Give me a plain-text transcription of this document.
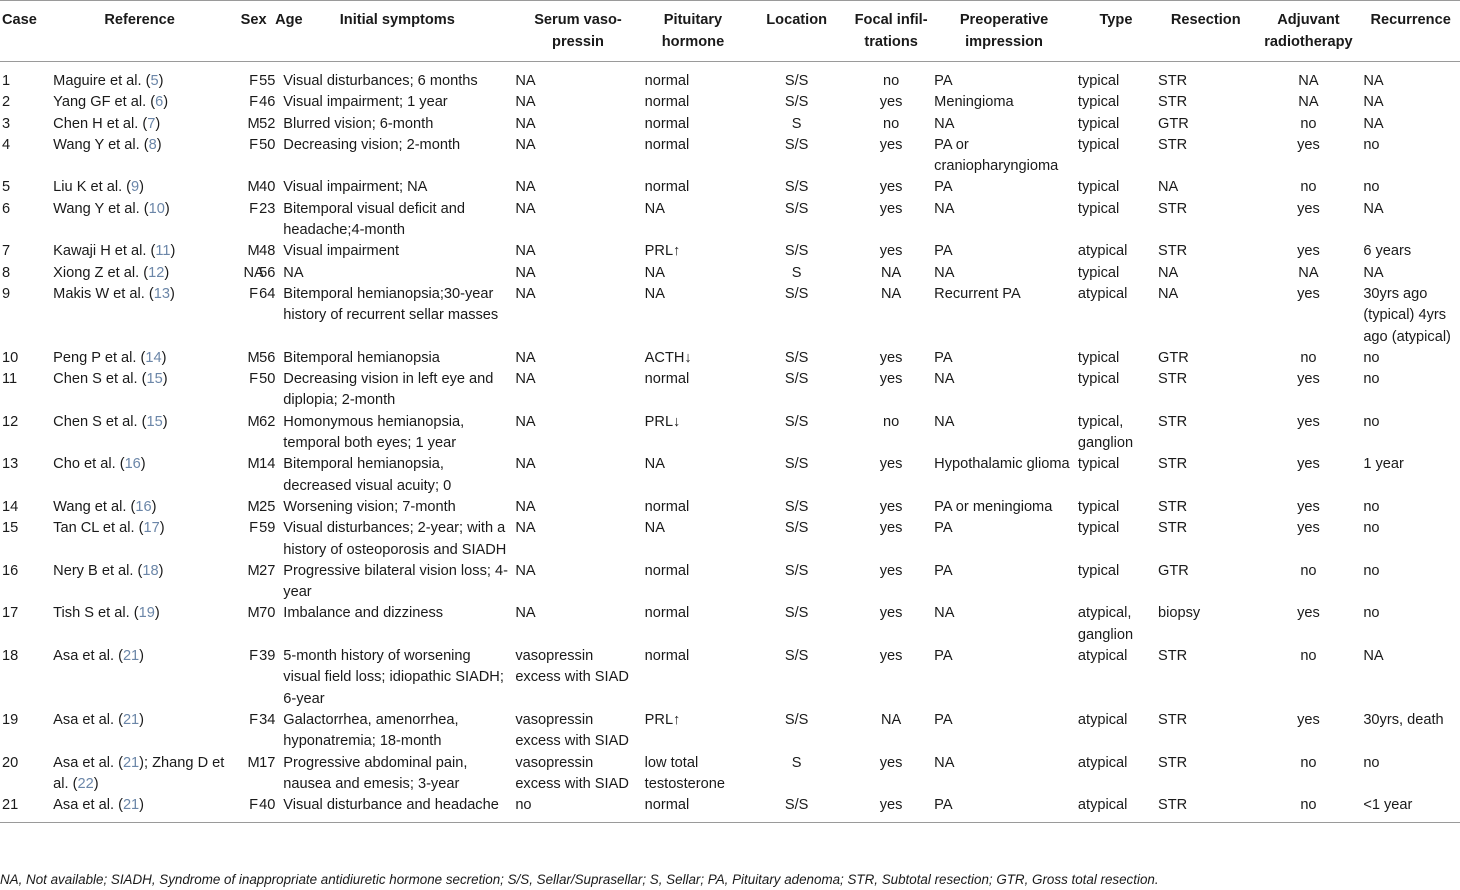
Case	Reference	Sex	Age	Initial symptoms	Serum vaso-pressin	Pituitary hormone	Location	Focal infil-trations	Preoperative impression	Type	Resection	Adjuvant radiotherapy	Recurrence
1	Maguire et al. (5)	F	55	Visual disturbances; 6 months	NA	normal	S/S	no	PA	typical	STR	NA	NA
2	Yang GF et al. (6)	F	46	Visual impairment; 1 year	NA	normal	S/S	yes	Meningioma	typical	STR	NA	NA
3	Chen H et al. (7)	M	52	Blurred vision; 6-month	NA	normal	S	no	NA	typical	GTR	no	NA
4	Wang Y et al. (8)	F	50	Decreasing vision; 2-month	NA	normal	S/S	yes	PA or craniopharyngioma	typical	STR	yes	no
5	Liu K et al. (9)	M	40	Visual impairment; NA	NA	normal	S/S	yes	PA	typical	NA	no	no
6	Wang Y et al. (10)	F	23	Bitemporal visual deficit and headache;4-month	NA	NA	S/S	yes	NA	typical	STR	yes	NA
7	Kawaji H et al. (11)	M	48	Visual impairment	NA	PRL↑	S/S	yes	PA	atypical	STR	yes	6 years
8	Xiong Z et al. (12)	NA	56	NA	NA	NA	S	NA	NA	typical	NA	NA	NA
9	Makis W et al. (13)	F	64	Bitemporal hemianopsia;30-year history of recurrent sellar masses	NA	NA	S/S	NA	Recurrent PA	atypical	NA	yes	30yrs ago (typical) 4yrs ago (atypical)
10	Peng P et al. (14)	M	56	Bitemporal hemianopsia	NA	ACTH↓	S/S	yes	PA	typical	GTR	no	no
11	Chen S et al. (15)	F	50	Decreasing vision in left eye and diplopia; 2-month	NA	normal	S/S	yes	NA	typical	STR	yes	no
12	Chen S et al. (15)	M	62	Homonymous hemianopsia, temporal both eyes; 1 year	NA	PRL↓	S/S	no	NA	typical, ganglion	STR	yes	no
13	Cho et al. (16)	M	14	Bitemporal hemianopsia, decreased visual acuity; 0	NA	NA	S/S	yes	Hypothalamic glioma	typical	STR	yes	1 year
14	Wang et al. (16)	M	25	Worsening vision; 7-month	NA	normal	S/S	yes	PA or meningioma	typical	STR	yes	no
15	Tan CL et al. (17)	F	59	Visual disturbances; 2-year; with a history of osteoporosis and SIADH	NA	NA	S/S	yes	PA	typical	STR	yes	no
16	Nery B et al. (18)	M	27	Progressive bilateral vision loss; 4-year	NA	normal	S/S	yes	PA	typical	GTR	no	no
17	Tish S et al. (19)	M	70	Imbalance and dizziness	NA	normal	S/S	yes	NA	atypical, ganglion	biopsy	yes	no
18	Asa et al. (21)	F	39	5-month history of worsening visual field loss; idiopathic SIADH; 6-year	vasopressin excess with SIAD	normal	S/S	yes	PA	atypical	STR	no	NA
19	Asa et al. (21)	F	34	Galactorrhea, amenorrhea, hyponatremia; 18-month	vasopressin excess with SIAD	PRL↑	S/S	NA	PA	atypical	STR	yes	30yrs, death
20	Asa et al. (21); Zhang D et al. (22)	M	17	Progressive abdominal pain, nausea and emesis; 3-year	vasopressin excess with SIAD	low total testosterone	S	yes	NA	atypical	STR	no	no
21	Asa et al. (21)	F	40	Visual disturbance and headache	no	normal	S/S	yes	PA	atypical	STR	no	<1 year
NA, Not available; SIADH, Syndrome of inappropriate antidiuretic hormone secretion; S/S, Sellar/Suprasellar; S, Sellar; PA, Pituitary adenoma; STR, Subtotal resection; GTR, Gross total resection.
